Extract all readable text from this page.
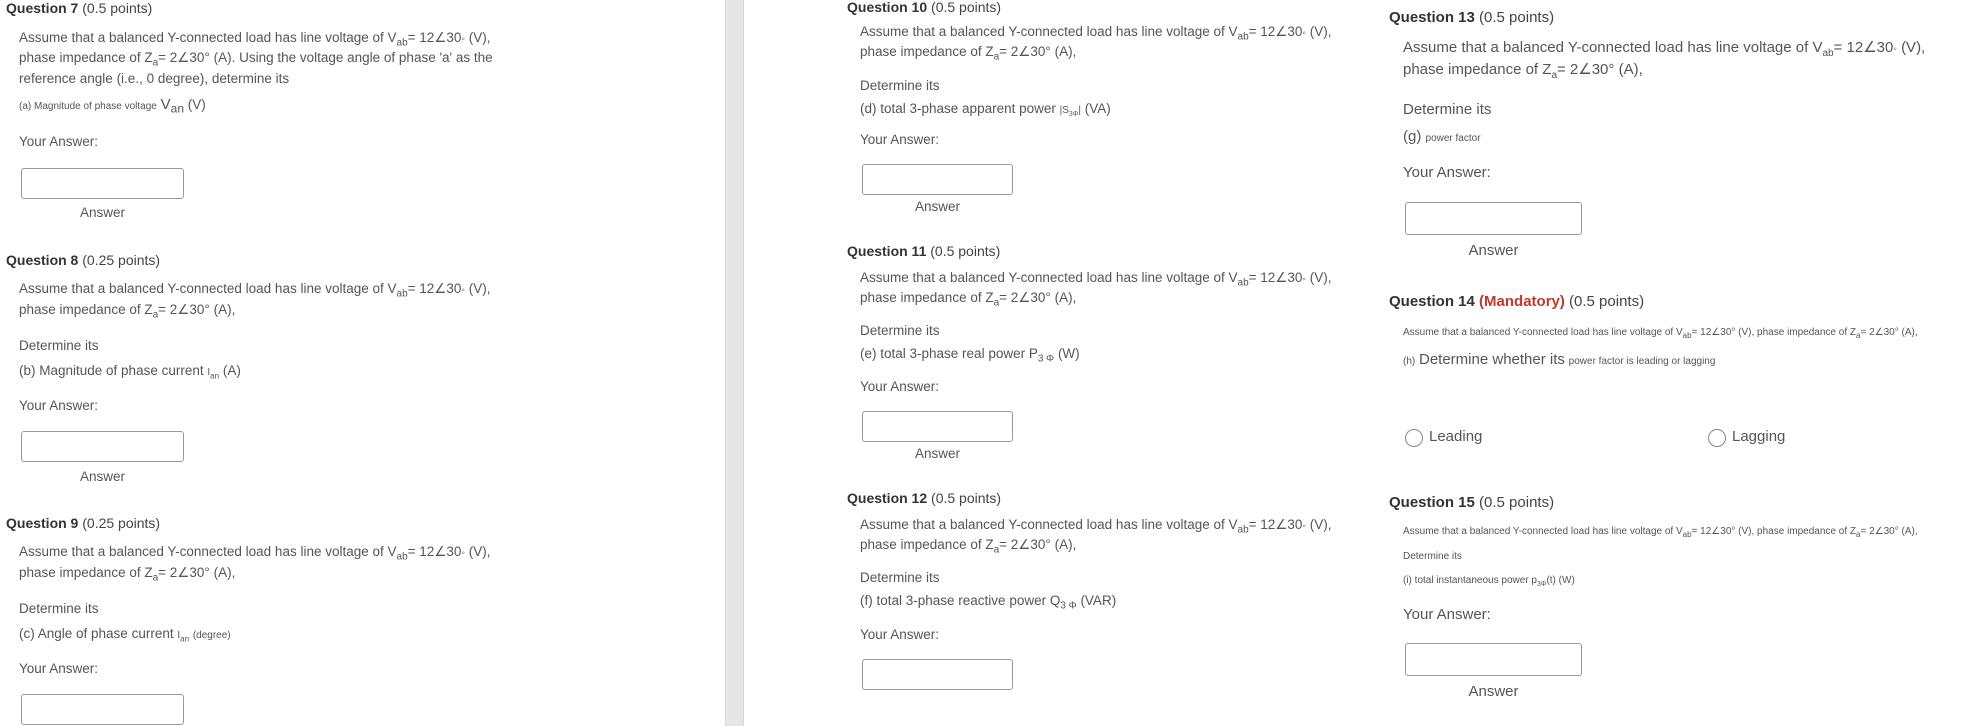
Question 7 (0.5 points)
Assume that a balanced Y-connected load has line voltage of $V_{ab}=$ 12∠30◦ (V),
phase impedance of $Z_a=$ 2∠30° (A). Using the voltage angle of phase 'a' as the
reference angle (i.e., 0 degree), determine its
(a) Magnitude of phase voltage $V_{an}$ (V)
Your Answer:
Answer
Question 8 (0.25 points)
Assume that a balanced Y-connected load has line voltage of $V_{ab}=$ 12∠30◦ (V),
phase impedance of $Z_a=$ 2∠30° (A),
Determine its
(b) Magnitude of phase current $I_{an}$ (A)
Your Answer:
Answer
Question 9 (0.25 points)
Assume that a balanced Y-connected load has line voltage of $V_{ab}=$ 12∠30◦ (V),
phase impedance of $Z_a=$ 2∠30° (A),
Determine its
(c) Angle of phase current $I_{an}$ (degree)
Your Answer:
Question 10 (0.5 points)
Assume that a balanced Y-connected load has line voltage of $V_{ab}=$ 12∠30◦ (V),
phase impedance of $Z_a=$ 2∠30° (A),
Determine its
(d) total 3-phase apparent power $|S_{3\Phi}|$ (VA)
Your Answer:
Answer
Question 11 (0.5 points)
Assume that a balanced Y-connected load has line voltage of $V_{ab}=$ 12∠30◦ (V),
phase impedance of $Z_a=$ 2∠30° (A),
Determine its
(e) total 3-phase real power $P_{3 \Phi}$ (W)
Your Answer:
Answer
Question 12 (0.5 points)
Assume that a balanced Y-connected load has line voltage of $V_{ab}=$ 12∠30◦ (V),
phase impedance of $Z_a=$ 2∠30° (A),
Determine its
(f) total 3-phase reactive power $Q_{3 \Phi}$ (VAR)
Your Answer:
Question 13 (0.5 points)
Assume that a balanced Y-connected load has line voltage of $V_{ab}=$ 12∠30◦ (V),
phase impedance of $Z_a=$ 2∠30° (A),
Determine its
(g) power factor
Your Answer:
Answer
Question 14 (Mandatory) (0.5 points)
Assume that a balanced Y-connected load has line voltage of $V_{ab}=$ 12∠30° (V), phase impedance of $Z_a=$ 2∠30° (A),
(h) Determine whether its power factor is leading or lagging
Leading	Lagging
Question 15 (0.5 points)
Assume that a balanced Y-connected load has line voltage of $V_{ab}=$ 12∠30° (V), phase impedance of $Z_a=$ 2∠30° (A),
Determine its
(i) total instantaneous power $p_{3\Phi}(t)$ (W)
Your Answer:
Answer
